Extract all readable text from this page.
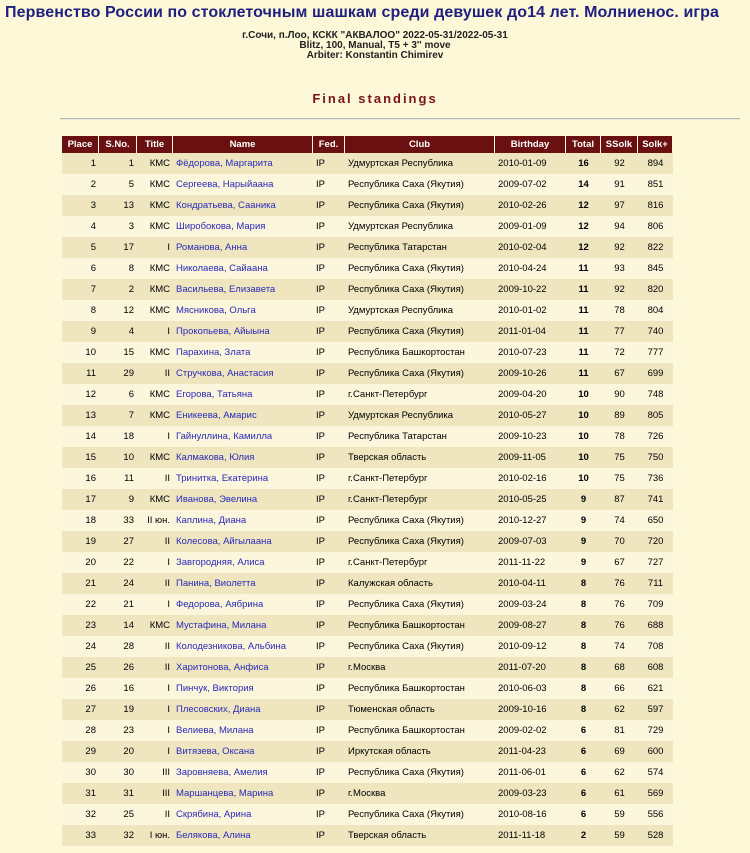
Первенство России по стоклеточным шашкам среди девушек до14 лет. Молниенос. игра
г.Сочи, п.Лоо, КСКК "АКВАЛОО" 2022-05-31/2022-05-31
Blitz, 100, Manual, T5 + 3'' move
Arbiter: Konstantin Chimirev
Final standings
Place	S.No.	Title	Name	Fed.	Club	Birthday	Total	SSolk	Solk+
1	1	КМС	Фёдорова, Маргарита	IP	Удмуртская Республика	2010-01-09	16	92	894
2	5	КМС	Сергеева, Нарыйаана	IP	Республика Саха (Якутия)	2009-07-02	14	91	851
3	13	КМС	Кондратьева, Сааника	IP	Республика Саха (Якутия)	2010-02-26	12	97	816
4	3	КМС	Широбокова, Мария	IP	Удмуртская Республика	2009-01-09	12	94	806
5	17	I	Романова, Анна	IP	Республика Татарстан	2010-02-04	12	92	822
6	8	КМС	Николаева, Сайаана	IP	Республика Саха (Якутия)	2010-04-24	11	93	845
7	2	КМС	Васильева, Елизавета	IP	Республика Саха (Якутия)	2009-10-22	11	92	820
8	12	КМС	Мясникова, Ольга	IP	Удмуртская Республика	2010-01-02	11	78	804
9	4	I	Прокопьева, Айыына	IP	Республика Саха (Якутия)	2011-01-04	11	77	740
10	15	КМС	Парахина, Злата	IP	Республика Башкортостан	2010-07-23	11	72	777
11	29	II	Стручкова, Анастасия	IP	Республика Саха (Якутия)	2009-10-26	11	67	699
12	6	КМС	Егорова, Татьяна	IP	г.Санкт-Петербург	2009-04-20	10	90	748
13	7	КМС	Еникеева, Амарис	IP	Удмуртская Республика	2010-05-27	10	89	805
14	18	I	Гайнуллина, Камилла	IP	Республика Татарстан	2009-10-23	10	78	726
15	10	КМС	Калмакова, Юлия	IP	Тверская область	2009-11-05	10	75	750
16	11	II	Тринитка, Екатерина	IP	г.Санкт-Петербург	2010-02-16	10	75	736
17	9	КМС	Иванова, Эвелина	IP	г.Санкт-Петербург	2010-05-25	9	87	741
18	33	II юн.	Каплина, Диана	IP	Республика Саха (Якутия)	2010-12-27	9	74	650
19	27	II	Колесова, Айгылаана	IP	Республика Саха (Якутия)	2009-07-03	9	70	720
20	22	I	Завгородняя, Алиса	IP	г.Санкт-Петербург	2011-11-22	9	67	727
21	24	II	Панина, Виолетта	IP	Калужская область	2010-04-11	8	76	711
22	21	I	Федорова, Аябрина	IP	Республика Саха (Якутия)	2009-03-24	8	76	709
23	14	КМС	Мустафина, Милана	IP	Республика Башкортостан	2009-08-27	8	76	688
24	28	II	Колодезникова, Альбина	IP	Республика Саха (Якутия)	2010-09-12	8	74	708
25	26	II	Харитонова, Анфиса	IP	г.Москва	2011-07-20	8	68	608
26	16	I	Пинчук, Виктория	IP	Республика Башкортостан	2010-06-03	8	66	621
27	19	I	Плесовских, Диана	IP	Тюменская область	2009-10-16	8	62	597
28	23	I	Велиева, Милана	IP	Республика Башкортостан	2009-02-02	6	81	729
29	20	I	Витязева, Оксана	IP	Иркутская область	2011-04-23	6	69	600
30	30	III	Заровняева, Амелия	IP	Республика Саха (Якутия)	2011-06-01	6	62	574
31	31	III	Маршанцева, Марина	IP	г.Москва	2009-03-23	6	61	569
32	25	II	Скрябина, Арина	IP	Республика Саха (Якутия)	2010-08-16	6	59	556
33	32	I юн.	Белякова, Алина	IP	Тверская область	2011-11-18	2	59	528
